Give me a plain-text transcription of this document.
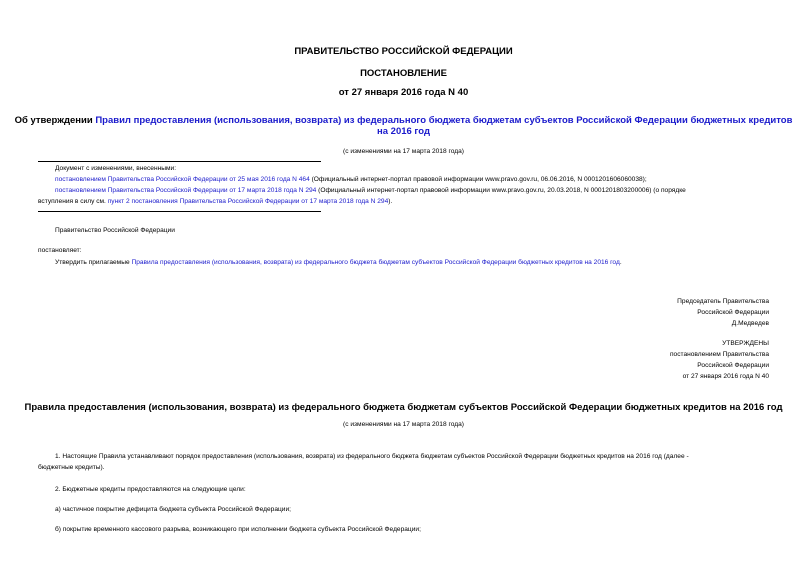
ПРАВИТЕЛЬСТВО РОССИЙСКОЙ ФЕДЕРАЦИИ
ПОСТАНОВЛЕНИЕ
от 27 января 2016 года N 40
Об утверждении Правил предоставления (использования, возврата) из федерального бюджета бюджетам субъектов Российской Федерации бюджетных кредитов
на 2016 год
(с изменениями на 17 марта 2018 года)
Документ с изменениями, внесенными:
постановлением Правительства Российской Федерации от 25 мая 2016 года N 464 (Официальный интернет-портал правовой информации www.pravo.gov.ru, 06.06.2016, N 0001201606060038);
постановлением Правительства Российской Федерации от 17 марта 2018 года N 294 (Официальный интернет-портал правовой информации www.pravo.gov.ru, 20.03.2018, N 0001201803200006) (о порядке
вступления в силу см. пункт 2 постановления Правительства Российской Федерации от 17 марта 2018 года N 294).
Правительство Российской Федерации
постановляет:
Утвердить прилагаемые Правила предоставления (использования, возврата) из федерального бюджета бюджетам субъектов Российской Федерации бюджетных кредитов на 2016 год.
Председатель Правительства
Российской Федерации
Д.Медведев
УТВЕРЖДЕНЫ
постановлением Правительства
Российской Федерации
от 27 января 2016 года N 40
Правила предоставления (использования, возврата) из федерального бюджета бюджетам субъектов Российской Федерации бюджетных кредитов на 2016 год
(с изменениями на 17 марта 2018 года)
1. Настоящие Правила устанавливают порядок предоставления (использования, возврата) из федерального бюджета бюджетам субъектов Российской Федерации бюджетных кредитов на 2016 год (далее -
бюджетные кредиты).
2. Бюджетные кредиты предоставляются на следующие цели:
а) частичное покрытие дефицита бюджета субъекта Российской Федерации;
б) покрытие временного кассового разрыва, возникающего при исполнении бюджета субъекта Российской Федерации;
